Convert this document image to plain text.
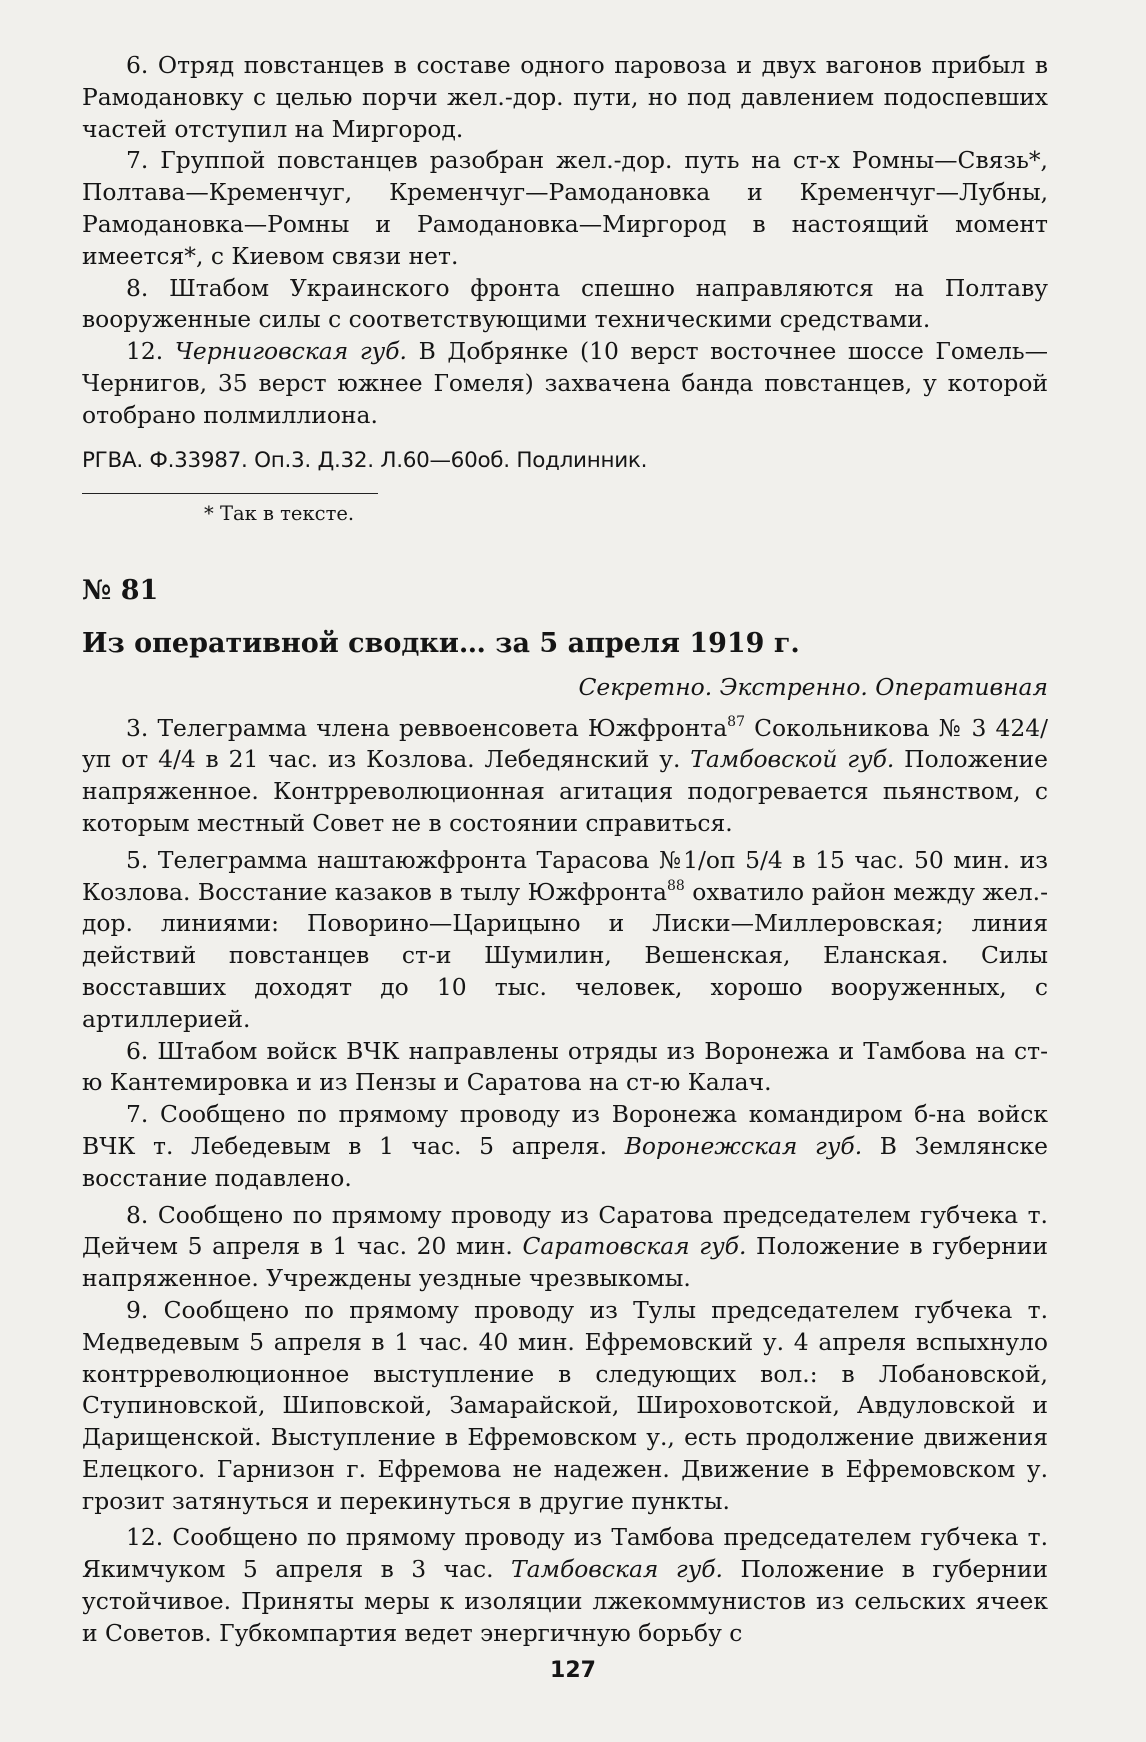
6. Отряд повстанцев в составе одного паровоза и двух вагонов прибыл в Рамодановку с целью порчи жел.-дор. пути, но под давлением подоспевших частей отступил на Миргород.

7. Группой повстанцев разобран жел.-дор. путь на ст-х Ромны—Связь*, Полтава—Кременчуг, Кременчуг—Рамодановка и Кременчуг—Лубны, Рамодановка—Ромны и Рамодановка—Миргород в настоящий момент имеется*, с Киевом связи нет.

8. Штабом Украинского фронта спешно направляются на Полтаву вооруженные силы с соответствующими техническими средствами.

12. Черниговская губ. В Добрянке (10 верст восточнее шоссе Гомель—Чернигов, 35 верст южнее Гомеля) захвачена банда повстанцев, у которой отобрано полмиллиона.

РГВА. Ф.33987. Оп.3. Д.32. Л.60—60об. Подлинник.
* Так в тексте.
№ 81
Из оперативной сводки… за 5 апреля 1919 г.
Секретно. Экстренно. Оперативная

3. Телеграмма члена реввоенсовета Южфронта$^{87}$ Сокольникова № 3 424/уп от 4/4 в 21 час. из Козлова. Лебедянский у. Тамбовской губ. Положение напряженное. Контрреволюционная агитация подогревается пьянством, с которым местный Совет не в состоянии справиться.

5. Телеграмма наштаюжфронта Тарасова №1/оп 5/4 в 15 час. 50 мин. из Козлова. Восстание казаков в тылу Южфронта$^{88}$ охватило район между жел.-дор. линиями: Поворино—Царицыно и Лиски—Миллеровская; линия действий повстанцев ст-и Шумилин, Вешенская, Еланская. Силы восставших доходят до 10 тыс. человек, хорошо вооруженных, с артиллерией.

6. Штабом войск ВЧК направлены отряды из Воронежа и Тамбова на ст-ю Кантемировка и из Пензы и Саратова на ст-ю Калач.

7. Сообщено по прямому проводу из Воронежа командиром б-на войск ВЧК т. Лебедевым в 1 час. 5 апреля. Воронежская губ. В Землянске восстание подавлено.

8. Сообщено по прямому проводу из Саратова председателем губчека т. Дейчем 5 апреля в 1 час. 20 мин. Саратовская губ. Положение в губернии напряженное. Учреждены уездные чрезвыкомы.

9. Сообщено по прямому проводу из Тулы председателем губчека т. Медведевым 5 апреля в 1 час. 40 мин. Ефремовский у. 4 апреля вспыхнуло контрреволюционное выступление в следующих вол.: в Лобановской, Ступиновской, Шиповской, Замарайской, Широховотской, Авдуловской и Дарищенской. Выступление в Ефремовском у., есть продолжение движения Елецкого. Гарнизон г. Ефремова не надежен. Движение в Ефремовском у. грозит затянуться и перекинуться в другие пункты.

12. Сообщено по прямому проводу из Тамбова председателем губчека т. Якимчуком 5 апреля в 3 час. Тамбовская губ. Положение в губернии устойчивое. Приняты меры к изоляции лжекоммунистов из сельских ячеек и Советов. Губкомпартия ведет энергичную борьбу с

127
